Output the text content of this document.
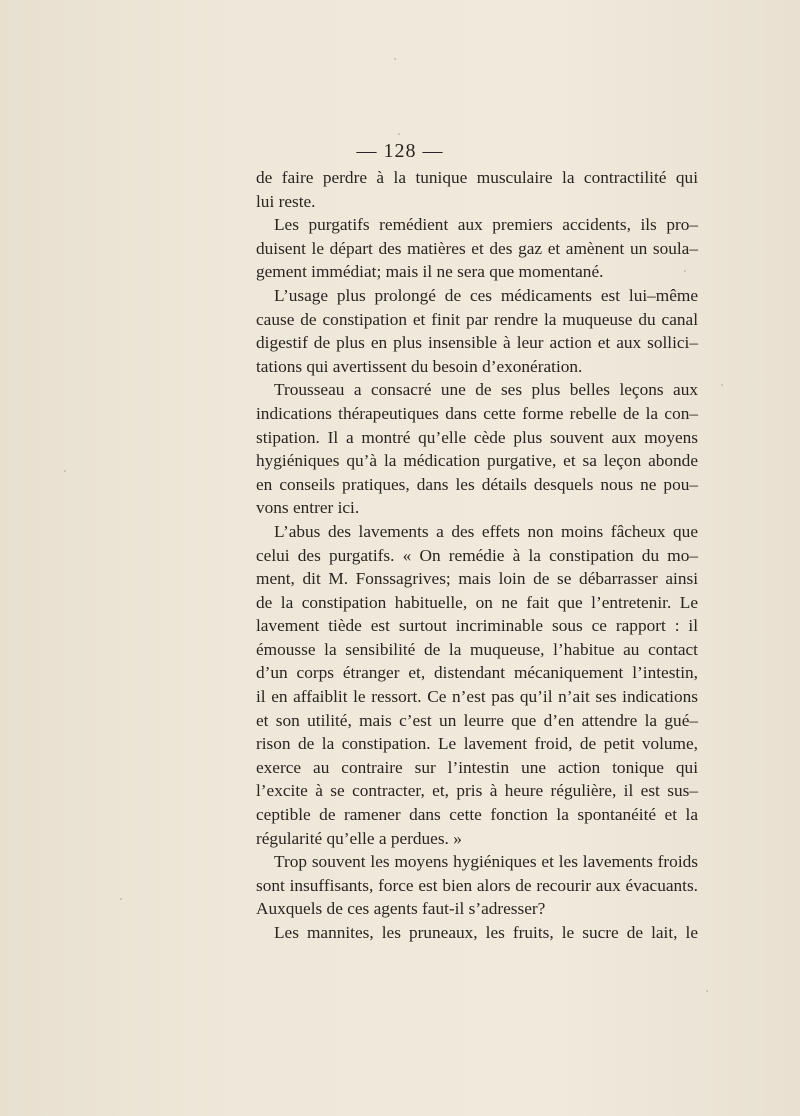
— 128 —
de faire perdre à la tunique musculaire la contractilité qui
lui reste.
Les purgatifs remédient aux premiers accidents, ils pro–
duisent le départ des matières et des gaz et amènent un soula–
gement immédiat; mais il ne sera que momentané.
L’usage plus prolongé de ces médicaments est lui–même
cause de constipation et finit par rendre la muqueuse du canal
digestif de plus en plus insensible à leur action et aux sollici–
tations qui avertissent du besoin d’exonération.
Trousseau a consacré une de ses plus belles leçons aux
indications thérapeutiques dans cette forme rebelle de la con–
stipation. Il a montré qu’elle cède plus souvent aux moyens
hygiéniques qu’à la médication purgative, et sa leçon abonde
en conseils pratiques, dans les détails desquels nous ne pou–
vons entrer ici.
L’abus des lavements a des effets non moins fâcheux que
celui des purgatifs. « On remédie à la constipation du mo–
ment, dit M. Fonssagrives; mais loin de se débarrasser ainsi
de la constipation habituelle, on ne fait que l’entretenir. Le
lavement tiède est surtout incriminable sous ce rapport : il
émousse la sensibilité de la muqueuse, l’habitue au contact
d’un corps étranger et, distendant mécaniquement l’intestin,
il en affaiblit le ressort. Ce n’est pas qu’il n’ait ses indications
et son utilité, mais c’est un leurre que d’en attendre la gué–
rison de la constipation. Le lavement froid, de petit volume,
exerce au contraire sur l’intestin une action tonique qui
l’excite à se contracter, et, pris à heure régulière, il est sus–
ceptible de ramener dans cette fonction la spontanéité et la
régularité qu’elle a perdues. »
Trop souvent les moyens hygiéniques et les lavements froids
sont insuffisants, force est bien alors de recourir aux évacuants.
Auxquels de ces agents faut-il s’adresser?
Les mannites, les pruneaux, les fruits, le sucre de lait, le
